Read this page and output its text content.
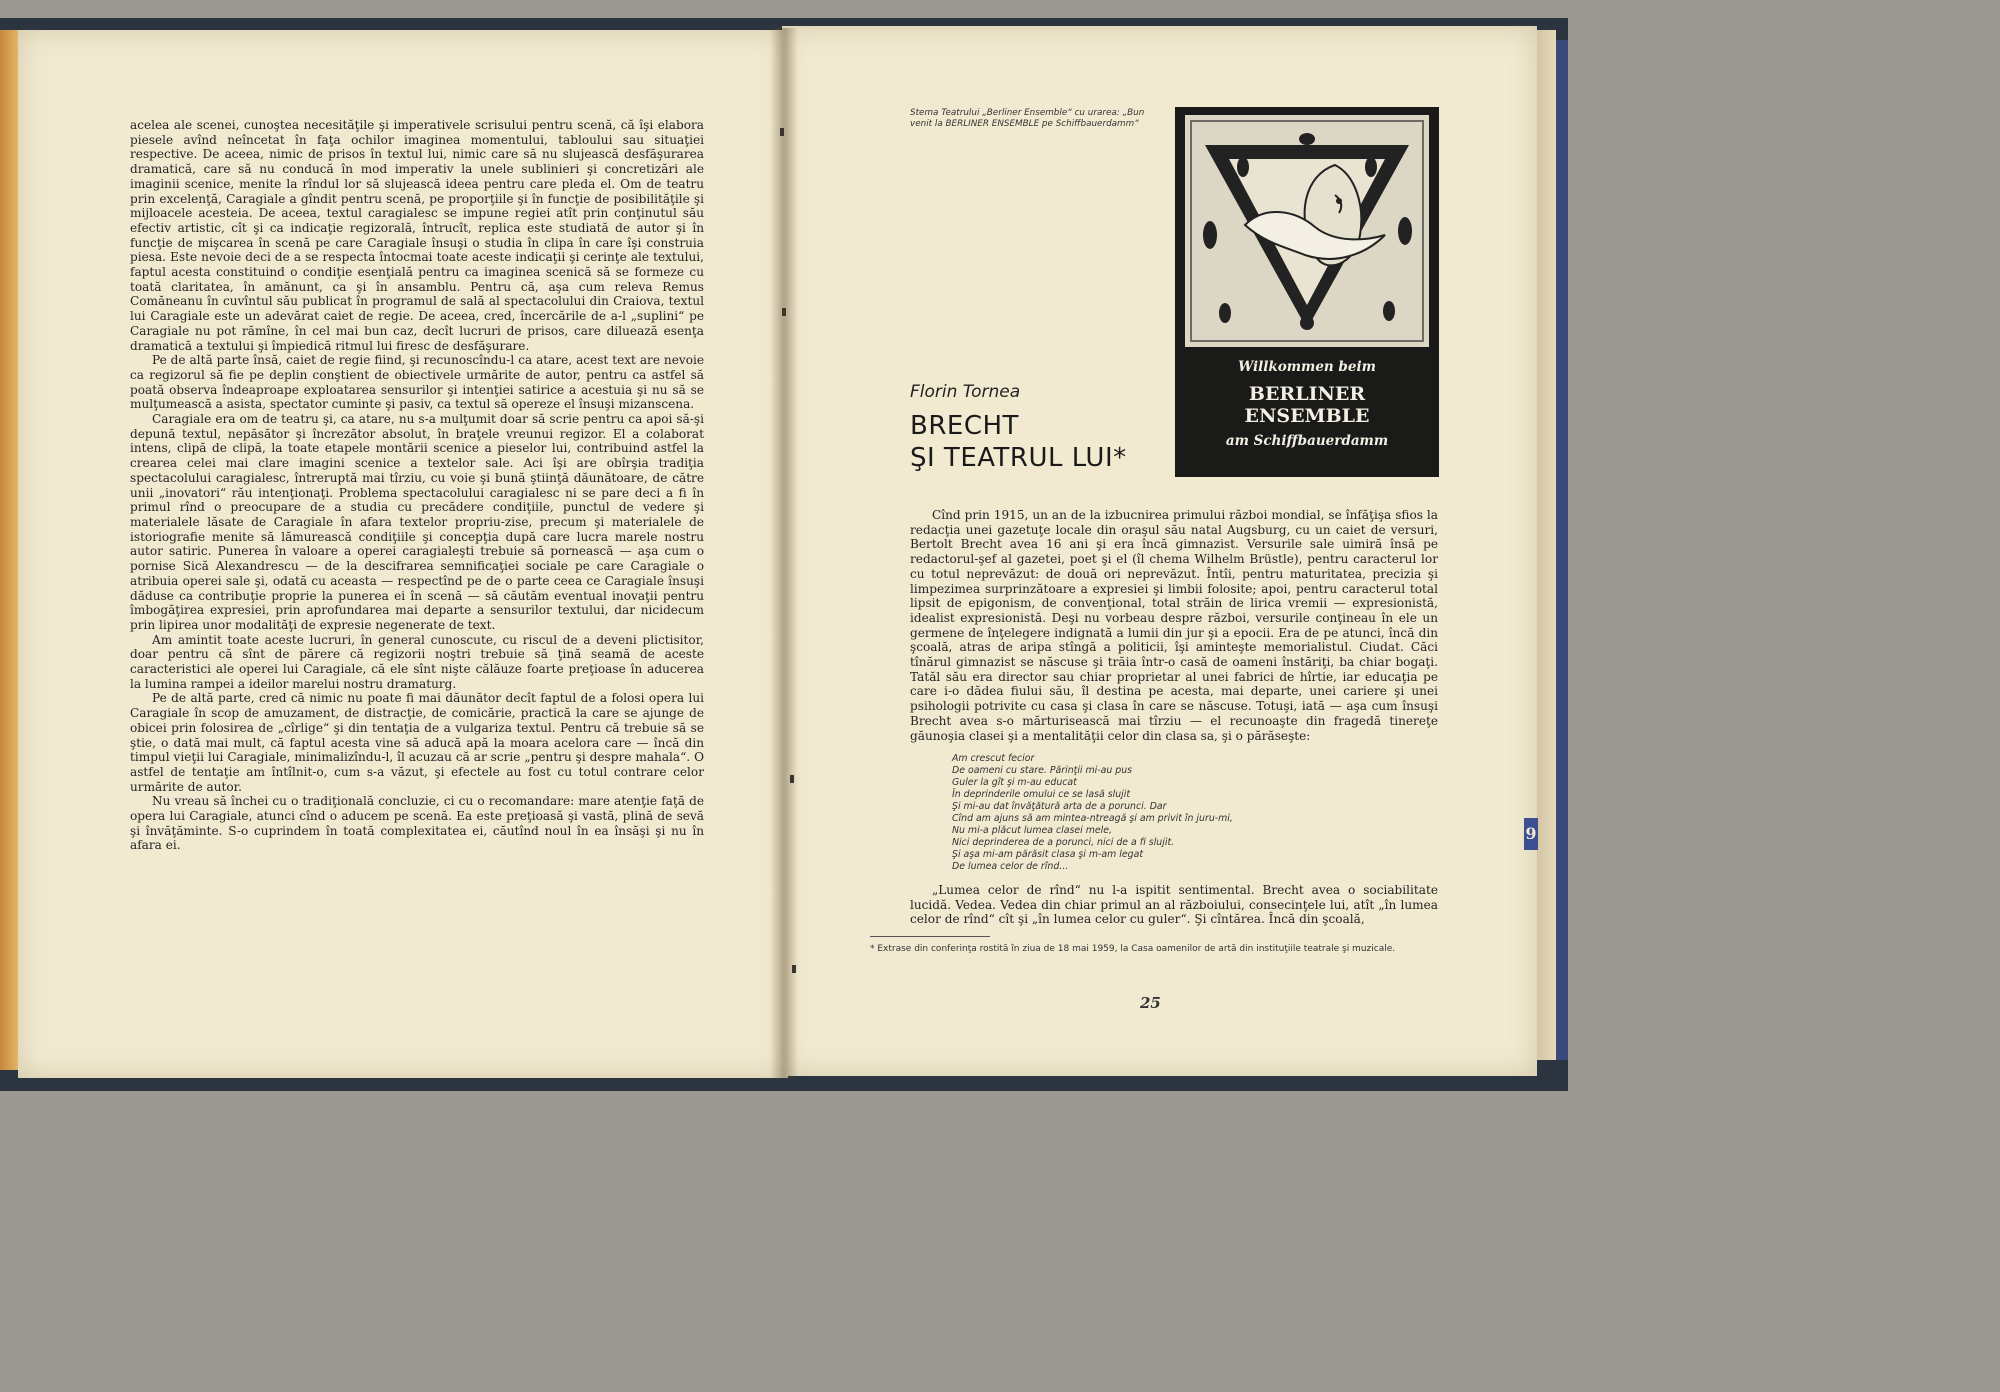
9

acelea ale scenei, cunoştea necesităţile şi imperativele scrisului pentru scenă, că îşi elabora piesele avînd neîncetat în faţa ochilor imaginea momentului, tabloului sau situaţiei respective. De aceea, nimic de prisos în textul lui, nimic care să nu slujească desfăşurarea dramatică, care să nu conducă în mod imperativ la unele sublinieri şi concretizări ale imaginii scenice, menite la rîndul lor să slujească ideea pentru care pleda el. Om de teatru prin excelenţă, Caragiale a gîndit pentru scenă, pe proporţiile şi în funcţie de posibilităţile şi mijloacele acesteia. De aceea, textul caragialesc se impune regiei atît prin conţinutul său efectiv artistic, cît şi ca indicaţie regizorală, întrucît, replica este studiată de autor şi în funcţie de mişcarea în scenă pe care Caragiale însuşi o studia în clipa în care îşi construia piesa. Este nevoie deci de a se respecta întocmai toate aceste indicaţii şi cerinţe ale textului, faptul acesta constituind o condiţie esenţială pentru ca imaginea scenică să se formeze cu toată claritatea, în amănunt, ca şi în ansamblu. Pentru că, aşa cum releva Remus Comăneanu în cuvîntul său publicat în programul de sală al spectacolului din Craiova, textul lui Caragiale este un adevărat caiet de regie. De aceea, cred, încercările de a-l „suplini“ pe Caragiale nu pot rămîne, în cel mai bun caz, decît lucruri de prisos, care diluează esenţa dramatică a textului şi împiedică ritmul lui firesc de desfăşurare.

Pe de altă parte însă, caiet de regie fiind, şi recunoscîndu-l ca atare, acest text are nevoie ca regizorul să fie pe deplin conştient de obiectivele urmărite de autor, pentru ca astfel să poată observa îndeaproape exploatarea sensurilor şi intenţiei satirice a acestuia şi nu să se mulţumească a asista, spectator cuminte şi pasiv, ca textul să opereze el însuşi mizanscena.

Caragiale era om de teatru şi, ca atare, nu s-a mulţumit doar să scrie pentru ca apoi să-şi depună textul, nepăsător şi încrezător absolut, în braţele vreunui regizor. El a colaborat intens, clipă de clipă, la toate etapele montării scenice a pieselor lui, contribuind astfel la crearea celei mai clare imagini scenice a textelor sale. Aci îşi are obîrşia tradiţia spectacolului caragialesc, întreruptă mai tîrziu, cu voie şi bună ştiinţă dăunătoare, de către unii „inovatori“ rău intenţionaţi. Problema spectacolului caragialesc ni se pare deci a fi în primul rînd o preocupare de a studia cu precădere condiţiile, punctul de vedere şi materialele lăsate de Caragiale în afara textelor propriu-zise, precum şi materialele de istoriografie menite să lămurească condiţiile şi concepţia după care lucra marele nostru autor satiric. Punerea în valoare a operei caragialeşti trebuie să pornească — aşa cum o pornise Sică Alexandrescu — de la descifrarea semnificaţiei sociale pe care Caragiale o atribuia operei sale şi, odată cu aceasta — respectînd pe de o parte ceea ce Caragiale însuşi dăduse ca contribuţie proprie la punerea ei în scenă — să căutăm eventual inovaţii pentru îmbogăţirea expresiei, prin aprofundarea mai departe a sensurilor textului, dar nicidecum prin lipirea unor modalităţi de expresie negenerate de text.

Am amintit toate aceste lucruri, în general cunoscute, cu riscul de a deveni plictisitor, doar pentru că sînt de părere că regizorii noştri trebuie să ţină seamă de aceste caracteristici ale operei lui Caragiale, că ele sînt nişte călăuze foarte preţioase în aducerea la lumina rampei a ideilor marelui nostru dramaturg.

Pe de altă parte, cred că nimic nu poate fi mai dăunător decît faptul de a folosi opera lui Caragiale în scop de amuzament, de distracţie, de comicărie, practică la care se ajunge de obicei prin folosirea de „cîrlige“ şi din tentaţia de a vulgariza textul. Pentru că trebuie să se ştie, o dată mai mult, că faptul acesta vine să aducă apă la moara acelora care — încă din timpul vieţii lui Caragiale, minimalizîndu-l, îl acuzau că ar scrie „pentru şi despre mahala“. O astfel de tentaţie am întîlnit-o, cum s-a văzut, şi efectele au fost cu totul contrare celor urmărite de autor.

Nu vreau să închei cu o tradiţională concluzie, ci cu o recomandare: mare atenţie faţă de opera lui Caragiale, atunci cînd o aducem pe scenă. Ea este preţioasă şi vastă, plină de sevă şi învăţăminte. S-o cuprindem în toată complexitatea ei, căutînd noul în ea însăşi şi nu în afara ei.

Stema Teatrului „Berliner Ensemble“ cu urarea: „Bun venit la BERLINER ENSEMBLE pe Schiffbauerdamm“
Willkommen beim
BERLINER
ENSEMBLE
am Schiffbauerdamm
Florin Tornea
BRECHT
ŞI TEATRUL LUI*

Cînd prin 1915, un an de la izbucnirea primului război mondial, se înfăţişa sfios la redacţia unei gazetuţe locale din oraşul său natal Augsburg, cu un caiet de versuri, Bertolt Brecht avea 16 ani şi era încă gimnazist. Versurile sale uimiră însă pe redactorul-şef al gazetei, poet şi el (îl chema Wilhelm Brüstle), pentru caracterul lor cu totul neprevăzut: de două ori neprevăzut. Întîi, pentru maturitatea, precizia şi limpezimea surprinzătoare a expresiei şi limbii folosite; apoi, pentru caracterul total lipsit de epigonism, de convenţional, total străin de lirica vremii — expresionistă, idealist expresionistă. Deşi nu vorbeau despre război, versurile conţineau în ele un germene de înţelegere indignată a lumii din jur şi a epocii. Era de pe atunci, încă din şcoală, atras de aripa stîngă a politicii, îşi aminteşte memorialistul. Ciudat. Căci tînărul gimnazist se născuse şi trăia într-o casă de oameni înstăriţi, ba chiar bogaţi. Tatăl său era director sau chiar proprietar al unei fabrici de hîrtie, iar educaţia pe care i-o dădea fiului său, îl destina pe acesta, mai departe, unei cariere şi unei psihologii potrivite cu casa şi clasa în care se născuse. Totuşi, iată — aşa cum însuşi Brecht avea s-o mărturisească mai tîrziu — el recunoaşte din fragedă tinereţe găunoşia clasei şi a mentalităţii celor din clasa sa, şi o părăseşte:

Am crescut fecior
De oameni cu stare. Părinţii mi-au pus
Guler la gît şi m-au educat
În deprinderile omului ce se lasă slujit
Şi mi-au dat învăţătură arta de a porunci. Dar
Cînd am ajuns să am mintea-ntreagă şi am privit în juru-mi,
Nu mi-a plăcut lumea clasei mele,
Nici deprinderea de a porunci, nici de a fi slujit.
Şi aşa mi-am părăsit clasa şi m-am legat
De lumea celor de rînd...

„Lumea celor de rînd“ nu l-a ispitit sentimental. Brecht avea o sociabilitate lucidă. Vedea. Vedea din chiar primul an al războiului, consecinţele lui, atît „în lumea celor de rînd“ cît şi „în lumea celor cu guler“. Şi cîntărea. Încă din şcoală,

* Extrase din conferinţa rostită în ziua de 18 mai 1959, la Casa oamenilor de artă din instituţiile teatrale şi muzicale.
25
